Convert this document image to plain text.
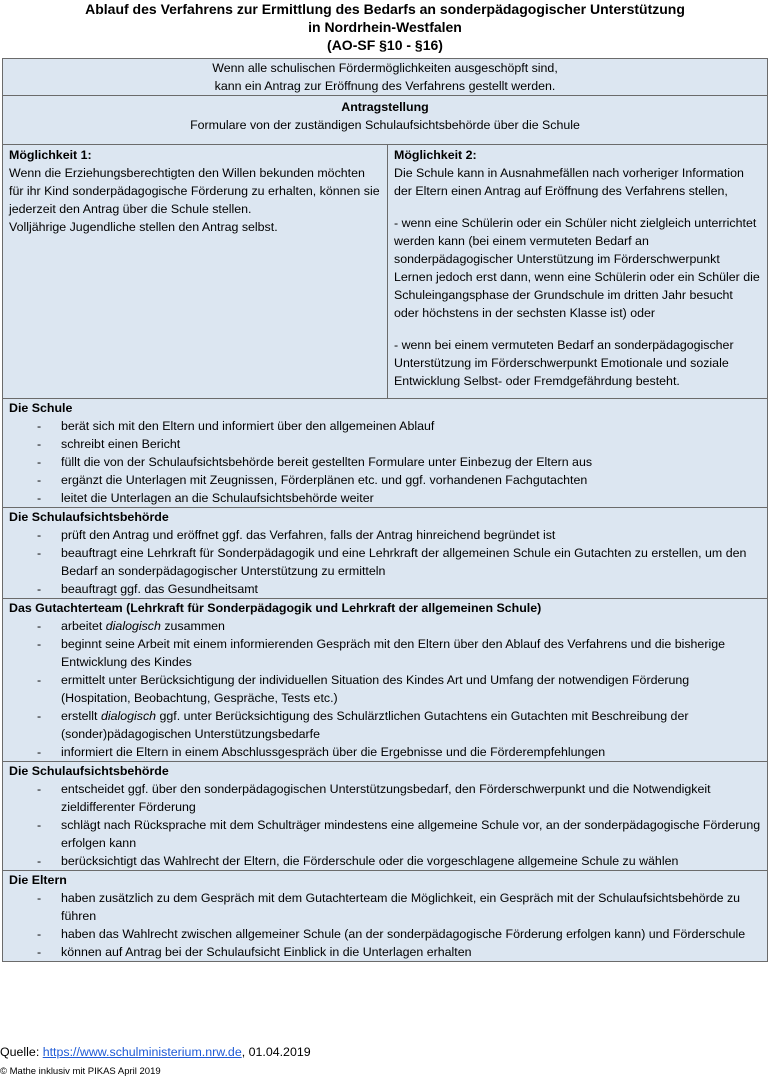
Ablauf des Verfahrens zur Ermittlung des Bedarfs an sonderpädagogischer Unterstützung
in Nordrhein-Westfalen
(AO-SF §10 - §16)
Wenn alle schulischen Fördermöglichkeiten ausgeschöpft sind,
kann ein Antrag zur Eröffnung des Verfahrens gestellt werden.

Antragstellung
Formulare von der zuständigen Schulaufsichtsbehörde über die Schule

Möglichkeit 1:

Wenn die Erziehungsberechtigten den Willen bekunden möchten für ihr Kind sonderpädagogische Förderung zu erhalten, können sie jederzeit den Antrag über die Schule stellen.

Volljährige Jugendliche stellen den Antrag selbst.

Möglichkeit 2:

Die Schule kann in Ausnahmefällen nach vorheriger Information der Eltern einen Antrag auf Eröffnung des Verfahrens stellen,

- wenn eine Schülerin oder ein Schüler nicht zielgleich unterrichtet werden kann (bei einem vermuteten Bedarf an sonderpädagogischer Unterstützung im Förderschwerpunkt Lernen jedoch erst dann, wenn eine Schülerin oder ein Schüler die Schuleingangsphase der Grundschule im dritten Jahr besucht oder höchstens in der sechsten Klasse ist) oder

- wenn bei einem vermuteten Bedarf an sonderpädagogischer Unterstützung im Förderschwerpunkt Emotionale und soziale Entwicklung Selbst- oder Fremdgefährdung besteht.

Die Schule
- berät sich mit den Eltern und informiert über den allgemeinen Ablauf
- schreibt einen Bericht
- füllt die von der Schulaufsichtsbehörde bereit gestellten Formulare unter Einbezug der Eltern aus
- ergänzt die Unterlagen mit Zeugnissen, Förderplänen etc. und ggf. vorhandenen Fachgutachten
- leitet die Unterlagen an die Schulaufsichtsbehörde weiter

Die Schulaufsichtsbehörde
- prüft den Antrag und eröffnet ggf. das Verfahren, falls der Antrag hinreichend begründet ist
- beauftragt eine Lehrkraft für Sonderpädagogik und eine Lehrkraft der allgemeinen Schule ein Gutachten zu erstellen, um den Bedarf an sonderpädagogischer Unterstützung zu ermitteln
- beauftragt ggf. das Gesundheitsamt

Das Gutachterteam (Lehrkraft für Sonderpädagogik und Lehrkraft der allgemeinen Schule)
- arbeitet dialogisch zusammen
- beginnt seine Arbeit mit einem informierenden Gespräch mit den Eltern über den Ablauf des Verfahrens und die bisherige Entwicklung des Kindes
- ermittelt unter Berücksichtigung der individuellen Situation des Kindes Art und Umfang der notwendigen Förderung (Hospitation, Beobachtung, Gespräche, Tests etc.)
- erstellt dialogisch ggf. unter Berücksichtigung des Schulärztlichen Gutachtens ein Gutachten mit Beschreibung der (sonder)pädagogischen Unterstützungsbedarfe
- informiert die Eltern in einem Abschlussgespräch über die Ergebnisse und die Förderempfehlungen

Die Schulaufsichtsbehörde
- entscheidet ggf. über den sonderpädagogischen Unterstützungsbedarf, den Förderschwerpunkt und die Notwendigkeit zieldifferenter Förderung
- schlägt nach Rücksprache mit dem Schulträger mindestens eine allgemeine Schule vor, an der sonderpädagogische Förderung erfolgen kann
- berücksichtigt das Wahlrecht der Eltern, die Förderschule oder die vorgeschlagene allgemeine Schule zu wählen

Die Eltern
- haben zusätzlich zu dem Gespräch mit dem Gutachterteam die Möglichkeit, ein Gespräch mit der Schulaufsichtsbehörde zu führen
- haben das Wahlrecht zwischen allgemeiner Schule (an der sonderpädagogische Förderung erfolgen kann) und Förderschule
- können auf Antrag bei der Schulaufsicht Einblick in die Unterlagen erhalten
Quelle: https://www.schulministerium.nrw.de, 01.04.2019
© Mathe inklusiv mit PIKAS April 2019
